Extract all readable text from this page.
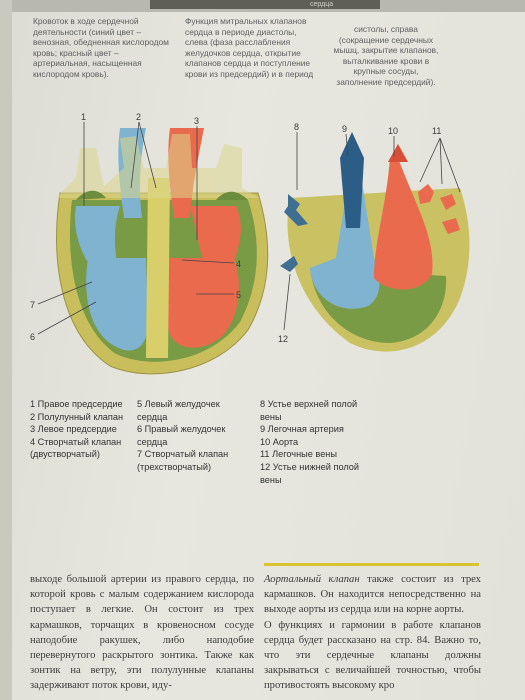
сердца
Кровоток в ходе сердечной деятельности (синий цвет – венозная, обедненная кислородом кровь; красный цвет – артериальная, насыщенная кислородом кровь).
Функция митральных клапанов сердца в периоде диастолы, слева (фаза расслабления желудочков сердца, открытие клапанов сердца и поступление крови из предсердий) и в период
систолы, справа (сокращение сердечных мышц, закрытие клапанов, выталкивание крови в крупные сосуды, заполнение предсердий).
1	2	3
4
5
6
7
8	9	10	11
12

1 Правое предсердие

2 Полулунный клапан

3 Левое предсердие

4 Створчатый клапан (двустворчатый)

5 Левый желудочек сердца

6 Правый желудочек сердца

7 Створчатый клапан (трехстворчатый)

8 Устье верхней полой вены

9 Легочная артерия

10 Аорта

11 Легочные вены

12 Устье нижней полой вены

выходе большой артерии из правого сердца, по которой кровь с малым содержанием кислорода поступает в легкие. Он состоит из трех кармашков, торчащих в кровеносном сосуде наподобие ракушек, либо наподобие перевернутого раскрытого зонтика. Также как зонтик на ветру, эти полулунные клапаны задерживают поток крови, иду-

Аортальный клапан также состоит из трех кармашков. Он находится непосредственно на выходе аорты из сердца или на корне аорты.

О функциях и гармонии в работе клапанов сердца будет рассказано на стр. 84. Важно то, что эти сердечные клапаны должны закрываться с величайшей точностью, чтобы противостоять высокому кро
